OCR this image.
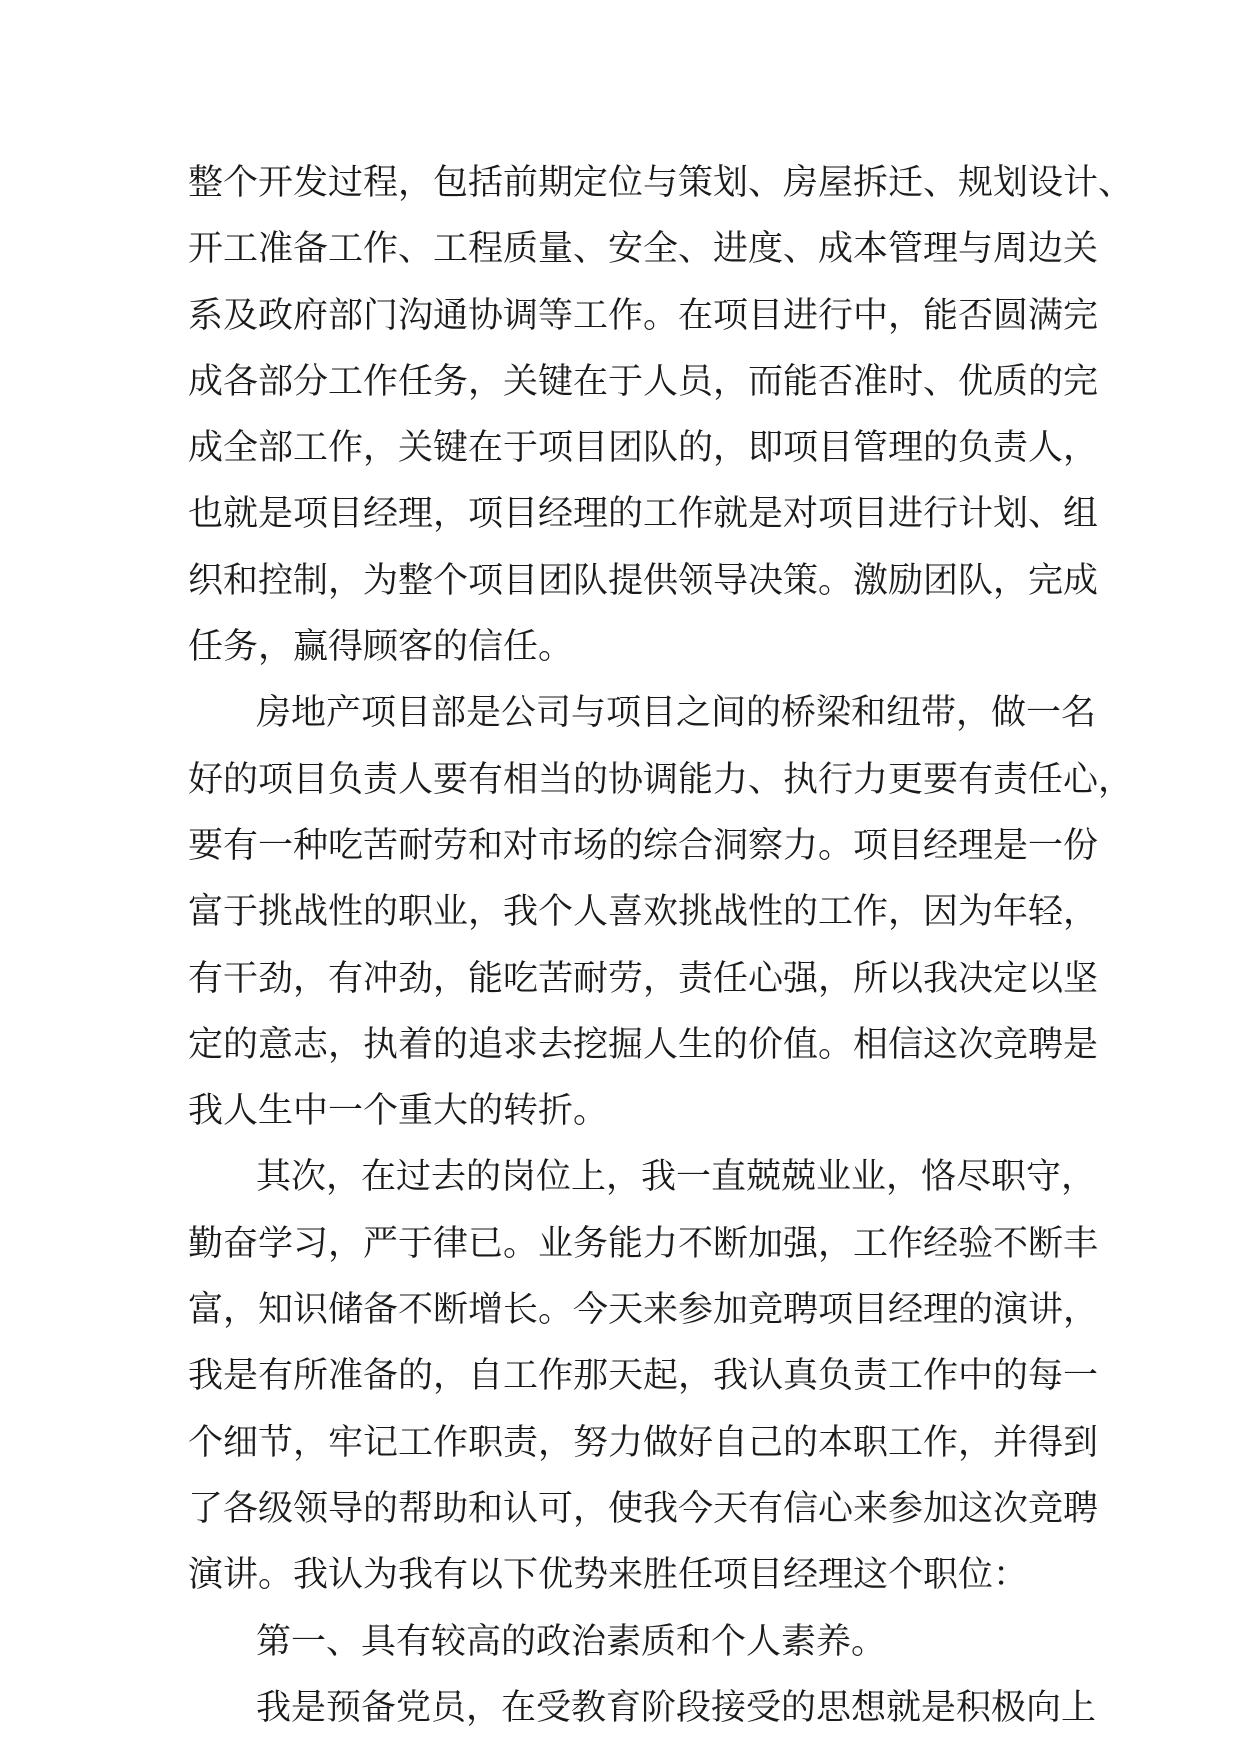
整个开发过程，包括前期定位与策划、房屋拆迁、规划设计、
开工准备工作、工程质量、安全、进度、成本管理与周边关
系及政府部门沟通协调等工作。在项目进行中，能否圆满完
成各部分工作任务，关键在于人员，而能否准时、优质的完
成全部工作，关键在于项目团队的，即项目管理的负责人，
也就是项目经理，项目经理的工作就是对项目进行计划、组
织和控制，为整个项目团队提供领导决策。激励团队，完成
任务，赢得顾客的信任。
房地产项目部是公司与项目之间的桥梁和纽带，做一名
好的项目负责人要有相当的协调能力、执行力更要有责任心，
要有一种吃苦耐劳和对市场的综合洞察力。项目经理是一份
富于挑战性的职业，我个人喜欢挑战性的工作，因为年轻，
有干劲，有冲劲，能吃苦耐劳，责任心强，所以我决定以坚
定的意志，执着的追求去挖掘人生的价值。相信这次竞聘是
我人生中一个重大的转折。
其次，在过去的岗位上，我一直兢兢业业，恪尽职守，
勤奋学习，严于律已。业务能力不断加强，工作经验不断丰
富，知识储备不断增长。今天来参加竞聘项目经理的演讲，
我是有所准备的，自工作那天起，我认真负责工作中的每一
个细节，牢记工作职责，努力做好自己的本职工作，并得到
了各级领导的帮助和认可，使我今天有信心来参加这次竞聘
演讲。我认为我有以下优势来胜任项目经理这个职位：
第一、具有较高的政治素质和个人素养。
我是预备党员，在受教育阶段接受的思想就是积极向上
